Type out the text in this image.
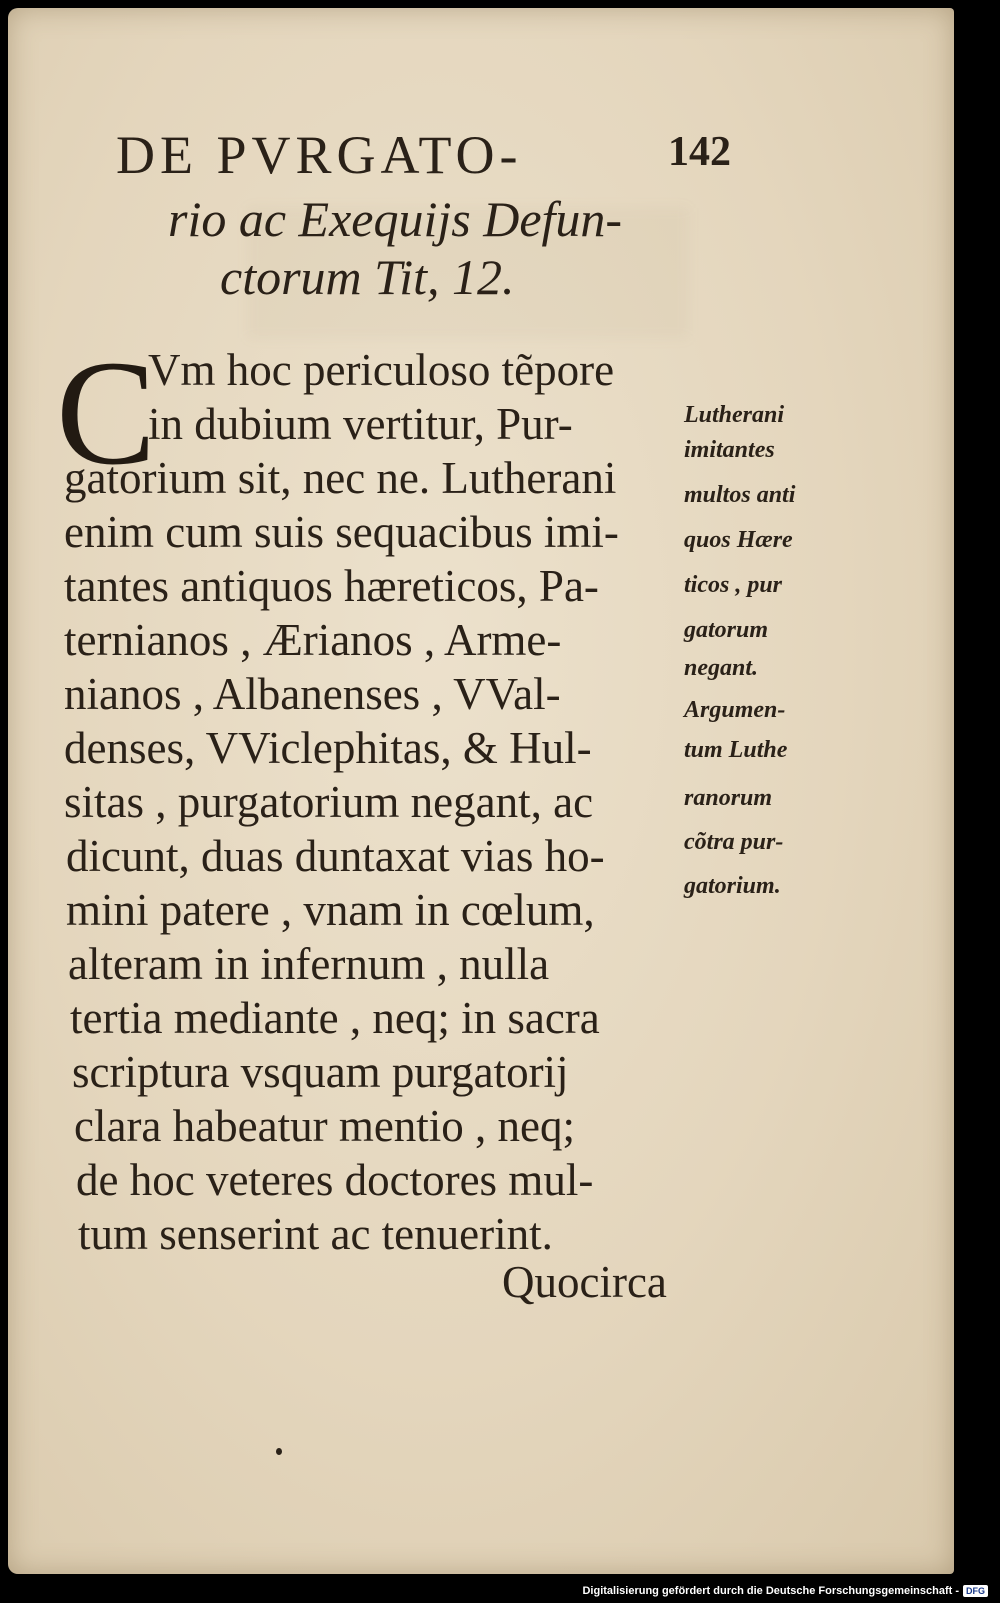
DE PVRGATO-
rio ac Exequijs Defun-
ctorum Tit, 12.
142
C
Vm hoc periculoso tẽpore
in dubium vertitur, Pur-
gatorium sit, nec ne. Lutherani
enim cum suis sequacibus imi-
tantes antiquos hæreticos, Pa-
ternianos , Ærianos , Arme-
nianos , Albanenses , VVal-
denses, VViclephitas, & Hul-
sitas , purgatorium negant, ac
dicunt, duas duntaxat vias ho-
mini patere , vnam in cœlum,
alteram in infernum , nulla
tertia mediante , neq; in sacra
scriptura vsquam purgatorij
clara habeatur mentio , neq;
de hoc veteres doctores mul-
tum senserint ac tenuerint.
Quocirca
Lutherani
imitantes
multos anti
quos Hære
ticos , pur
gatorum
negant.
Argumen-
tum Luthe
ranorum
cõtra pur-
gatorium.
Digitalisierung gefördert durch die Deutsche Forschungsgemeinschaft - DFG
